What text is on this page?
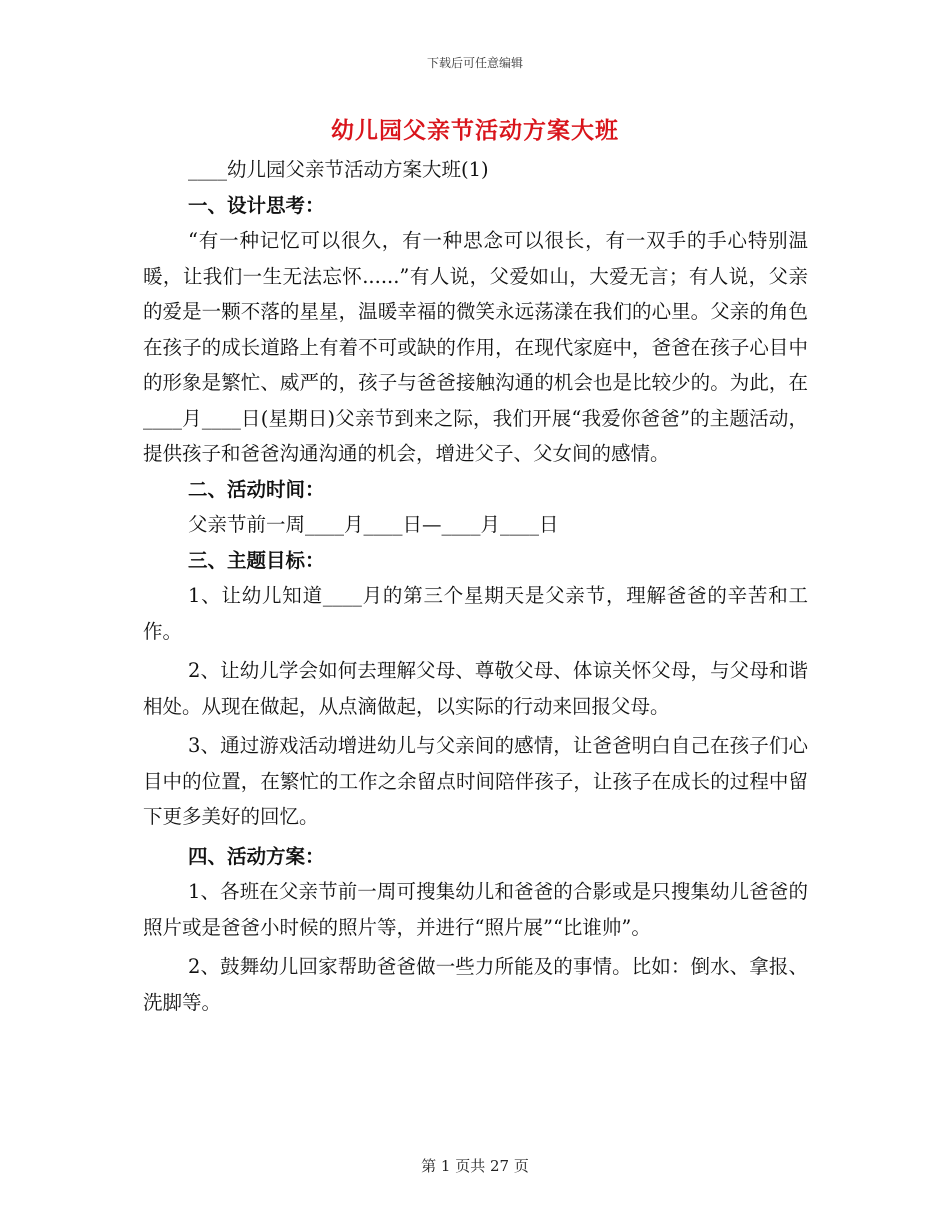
下载后可任意编辑
幼儿园父亲节活动方案大班

____幼儿园父亲节活动方案大班(1)

一、设计思考：

“有一种记忆可以很久，有一种思念可以很长，有一双手的手心特别温暖，让我们一生无法忘怀......”有人说，父爱如山，大爱无言；有人说，父亲的爱是一颗不落的星星，温暖幸福的微笑永远荡漾在我们的心里。父亲的角色在孩子的成长道路上有着不可或缺的作用，在现代家庭中，爸爸在孩子心目中的形象是繁忙、威严的，孩子与爸爸接触沟通的机会也是比较少的。为此，在____月____日(星期日)父亲节到来之际，我们开展“我爱你爸爸”的主题活动，提供孩子和爸爸沟通沟通的机会，增进父子、父女间的感情。

二、活动时间：

父亲节前一周____月____日—____月____日

三、主题目标：

1、让幼儿知道____月的第三个星期天是父亲节，理解爸爸的辛苦和工作。

2、让幼儿学会如何去理解父母、尊敬父母、体谅关怀父母，与父母和谐相处。从现在做起，从点滴做起，以实际的行动来回报父母。

3、通过游戏活动增进幼儿与父亲间的感情，让爸爸明白自己在孩子们心目中的位置，在繁忙的工作之余留点时间陪伴孩子，让孩子在成长的过程中留下更多美好的回忆。

四、活动方案：

1、各班在父亲节前一周可搜集幼儿和爸爸的合影或是只搜集幼儿爸爸的照片或是爸爸小时候的照片等，并进行“照片展”“比谁帅”。

2、鼓舞幼儿回家帮助爸爸做一些力所能及的事情。比如：倒水、拿报、洗脚等。

第 1 页共 27 页
